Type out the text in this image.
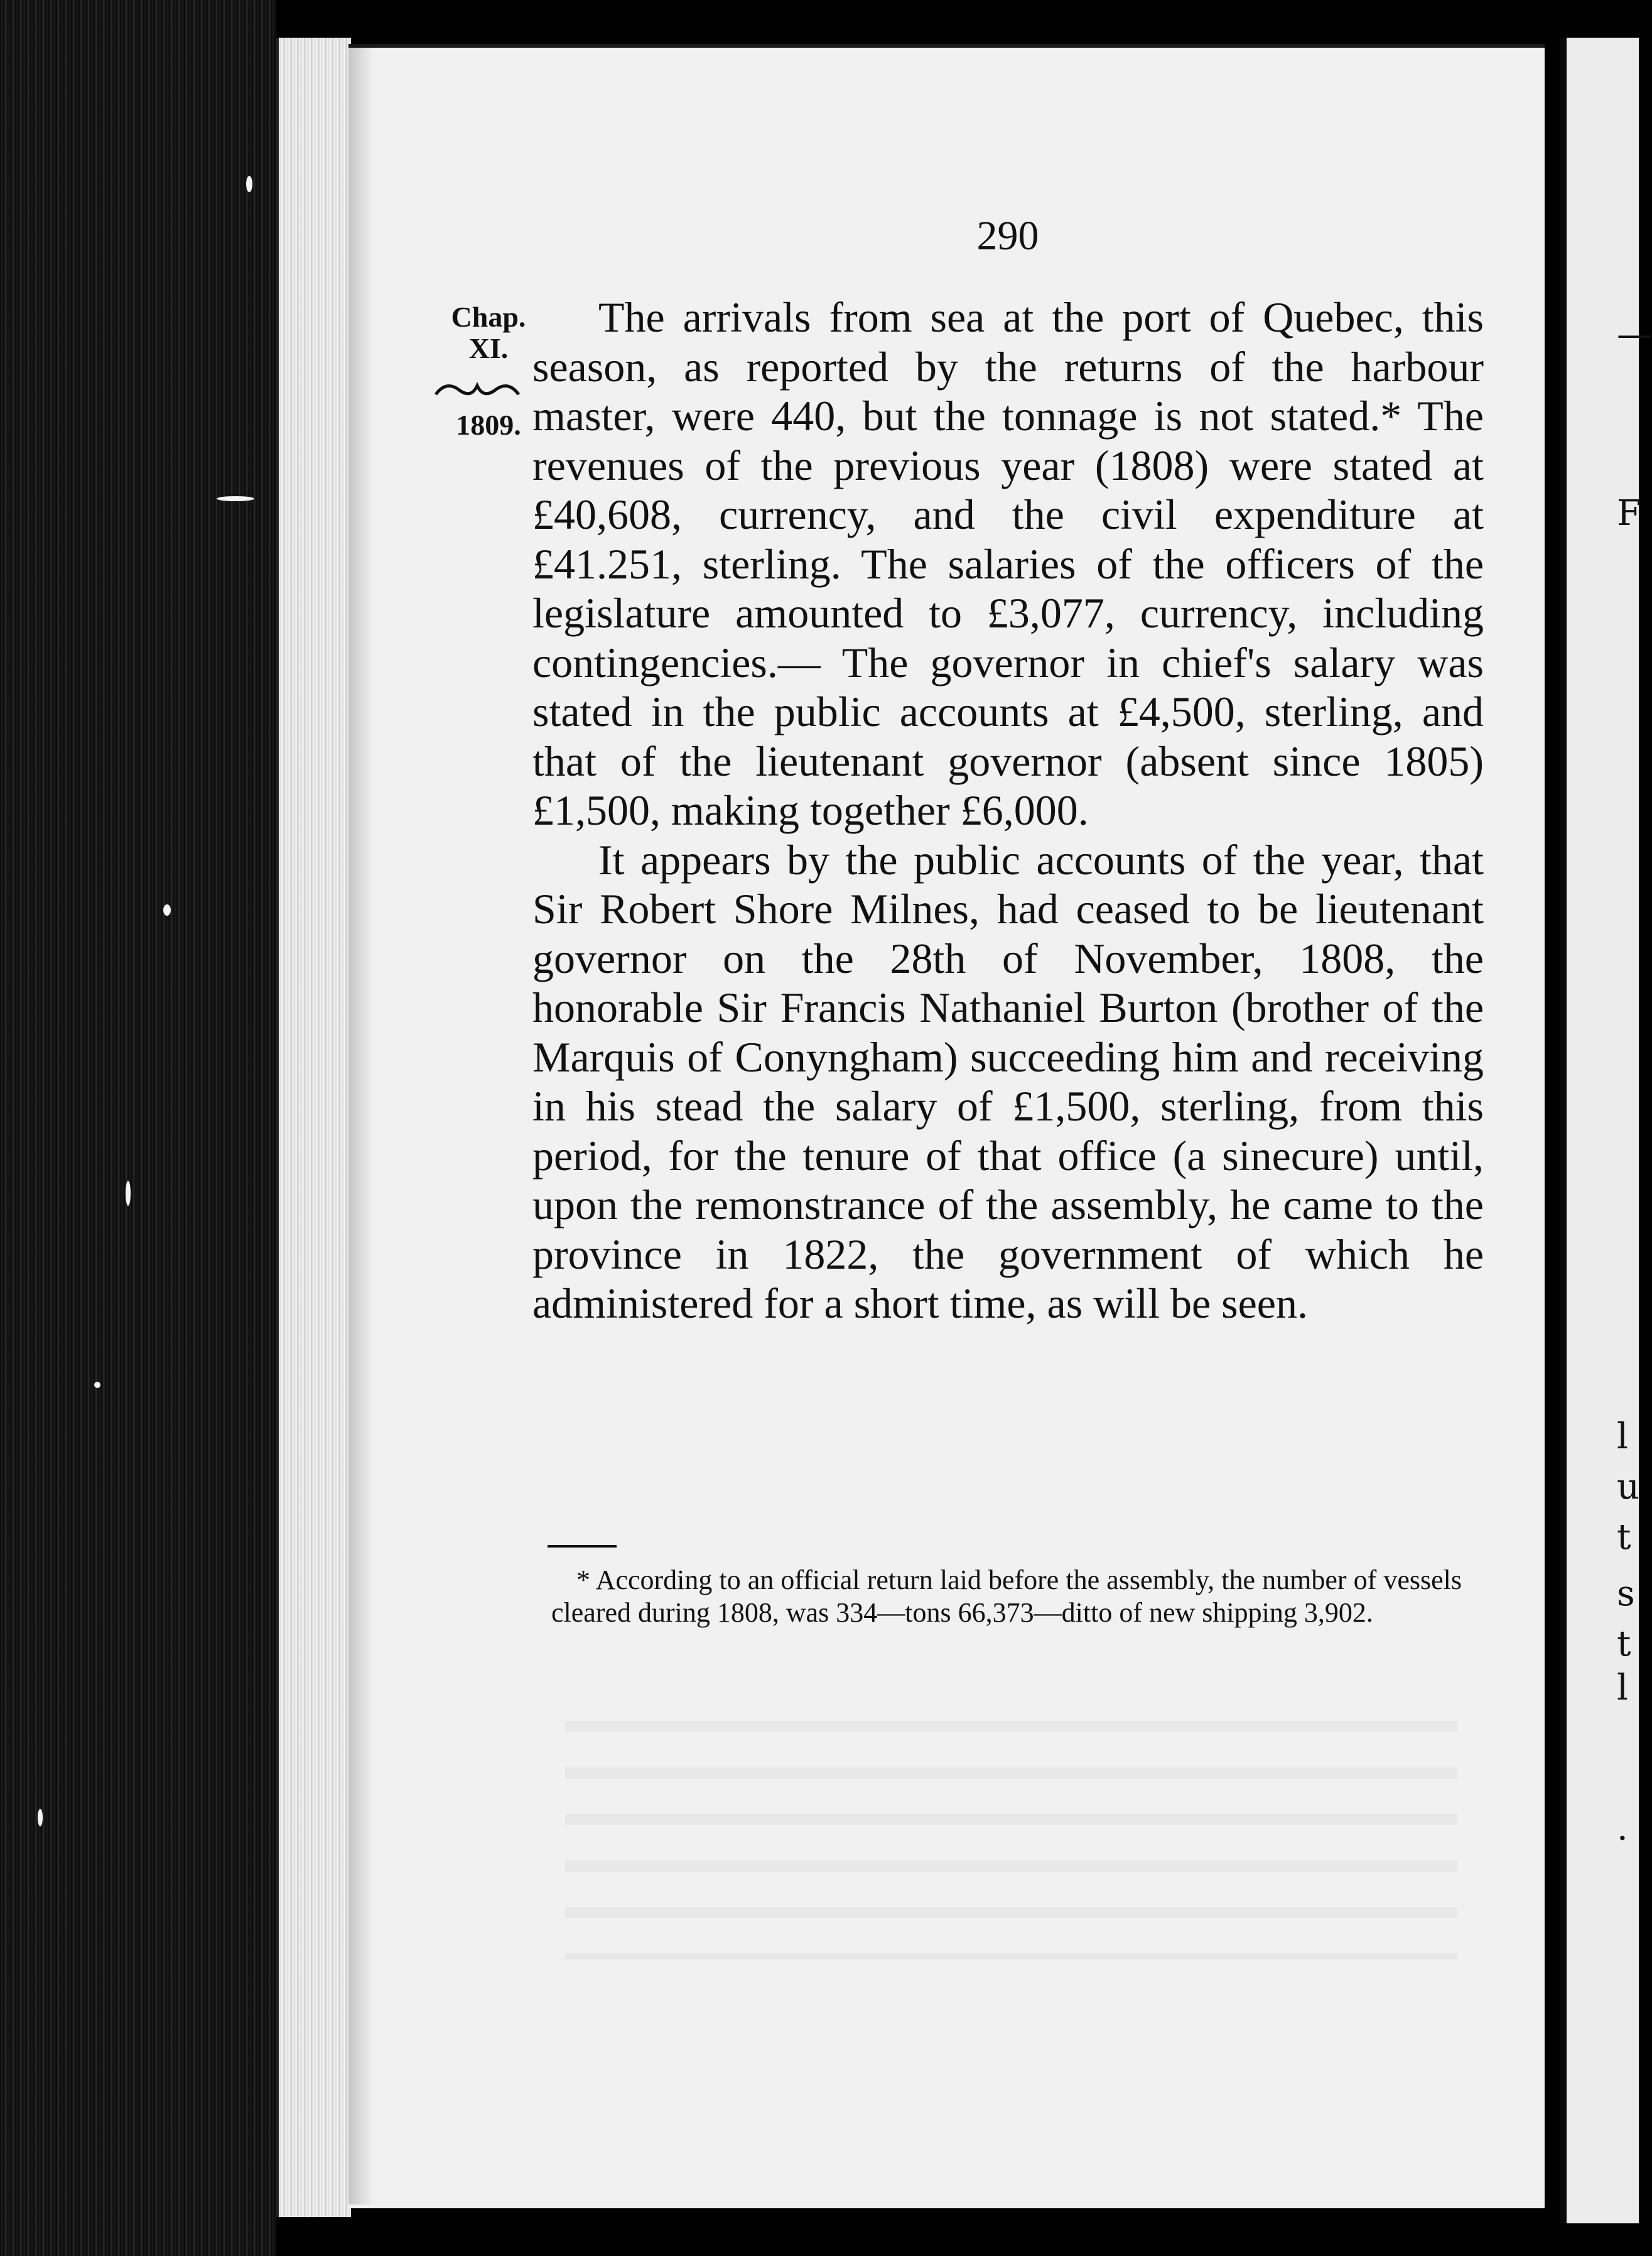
—
F
l
u
t
s
t
l
·
290
Chap.
XI.
1809.

The arrivals from sea at the port of Quebec, this season, as reported by the returns of the harbour master, were 440, but the tonnage is not stated.* The revenues of the previous year (1808) were stated at £40,608, currency, and the civil expenditure at £41.251, sterling. The salaries of the officers of the legislature amounted to £3,077, currency, including contingencies.— The governor in chief's salary was stated in the public accounts at £4,500, sterling, and that of the lieutenant governor (absent since 1805) £1,500, making together £6,000.

It appears by the public accounts of the year, that Sir Robert Shore Milnes, had ceased to be lieutenant governor on the 28th of November, 1808, the honorable Sir Francis Nathaniel Burton (brother of the Marquis of Conyngham) succeeding him and receiving in his stead the salary of £1,500, sterling, from this period, for the tenure of that office (a sinecure) until, upon the remonstrance of the assembly, he came to the province in 1822, the government of which he administered for a short time, as will be seen.

* According to an official return laid before the assembly, the number of vessels cleared during 1808, was 334—tons 66,373—ditto of new shipping 3,902.
